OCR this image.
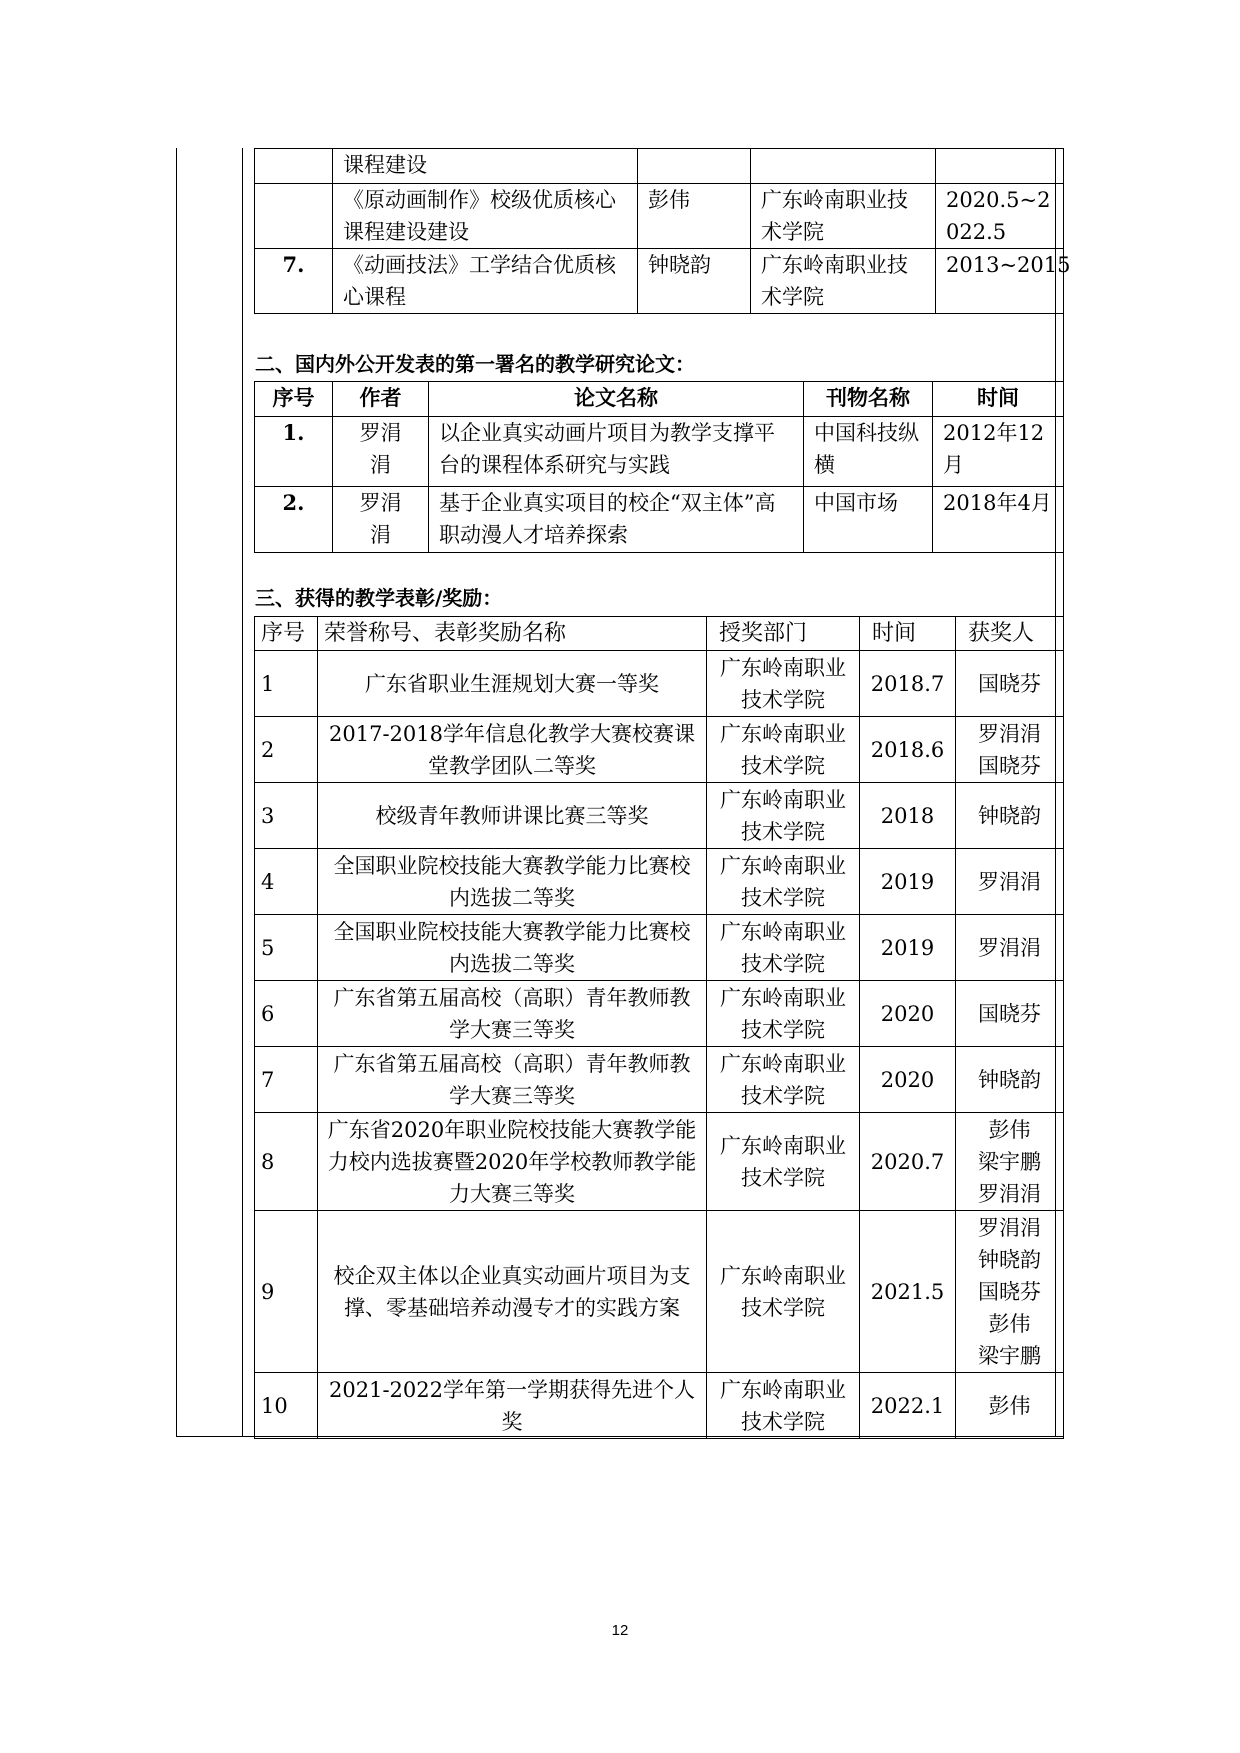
	课程建设			
	《原动画制作》校级优质核心课程建设建设	彭伟	广东岭南职业技术学院	2020.5~2022.5
7.	《动画技法》工学结合优质核心课程	钟晓韵	广东岭南职业技术学院	2013~2015
二、国内外公开发表的第一署名的教学研究论文：
序号	作者	论文名称	刊物名称	时间
1.	罗涓涓	以企业真实动画片项目为教学支撑平台的课程体系研究与实践	中国科技纵横	2012年12月
2.	罗涓涓	基于企业真实项目的校企“双主体”高职动漫人才培养探索	中国市场	2018年4月
三、获得的教学表彰/奖励：
序号	荣誉称号、表彰奖励名称	授奖部门	时间	获奖人
1	广东省职业生涯规划大赛一等奖	广东岭南职业技术学院	2018.7	国晓芬

2	2017-2018学年信息化教学大赛校赛课堂教学团队二等奖	广东岭南职业技术学院	2018.6	罗涓涓
国晓芬

3	校级青年教师讲课比赛三等奖	广东岭南职业技术学院	2018	钟晓韵

4	全国职业院校技能大赛教学能力比赛校内选拔二等奖	广东岭南职业技术学院	2019	罗涓涓

5	全国职业院校技能大赛教学能力比赛校内选拔二等奖	广东岭南职业技术学院	2019	罗涓涓

6	广东省第五届高校（高职）青年教师教学大赛三等奖	广东岭南职业技术学院	2020	国晓芬

7	广东省第五届高校（高职）青年教师教学大赛三等奖	广东岭南职业技术学院	2020	钟晓韵

8	广东省2020年职业院校技能大赛教学能力校内选拔赛暨2020年学校教师教学能力大赛三等奖	广东岭南职业技术学院	2020.7	彭伟
梁宇鹏
罗涓涓

9	校企双主体以企业真实动画片项目为支撑、零基础培养动漫专才的实践方案	广东岭南职业技术学院	2021.5	罗涓涓
钟晓韵
国晓芬
彭伟
梁宇鹏

10	2021-2022学年第一学期获得先进个人奖	广东岭南职业技术学院	2022.1	彭伟
12
